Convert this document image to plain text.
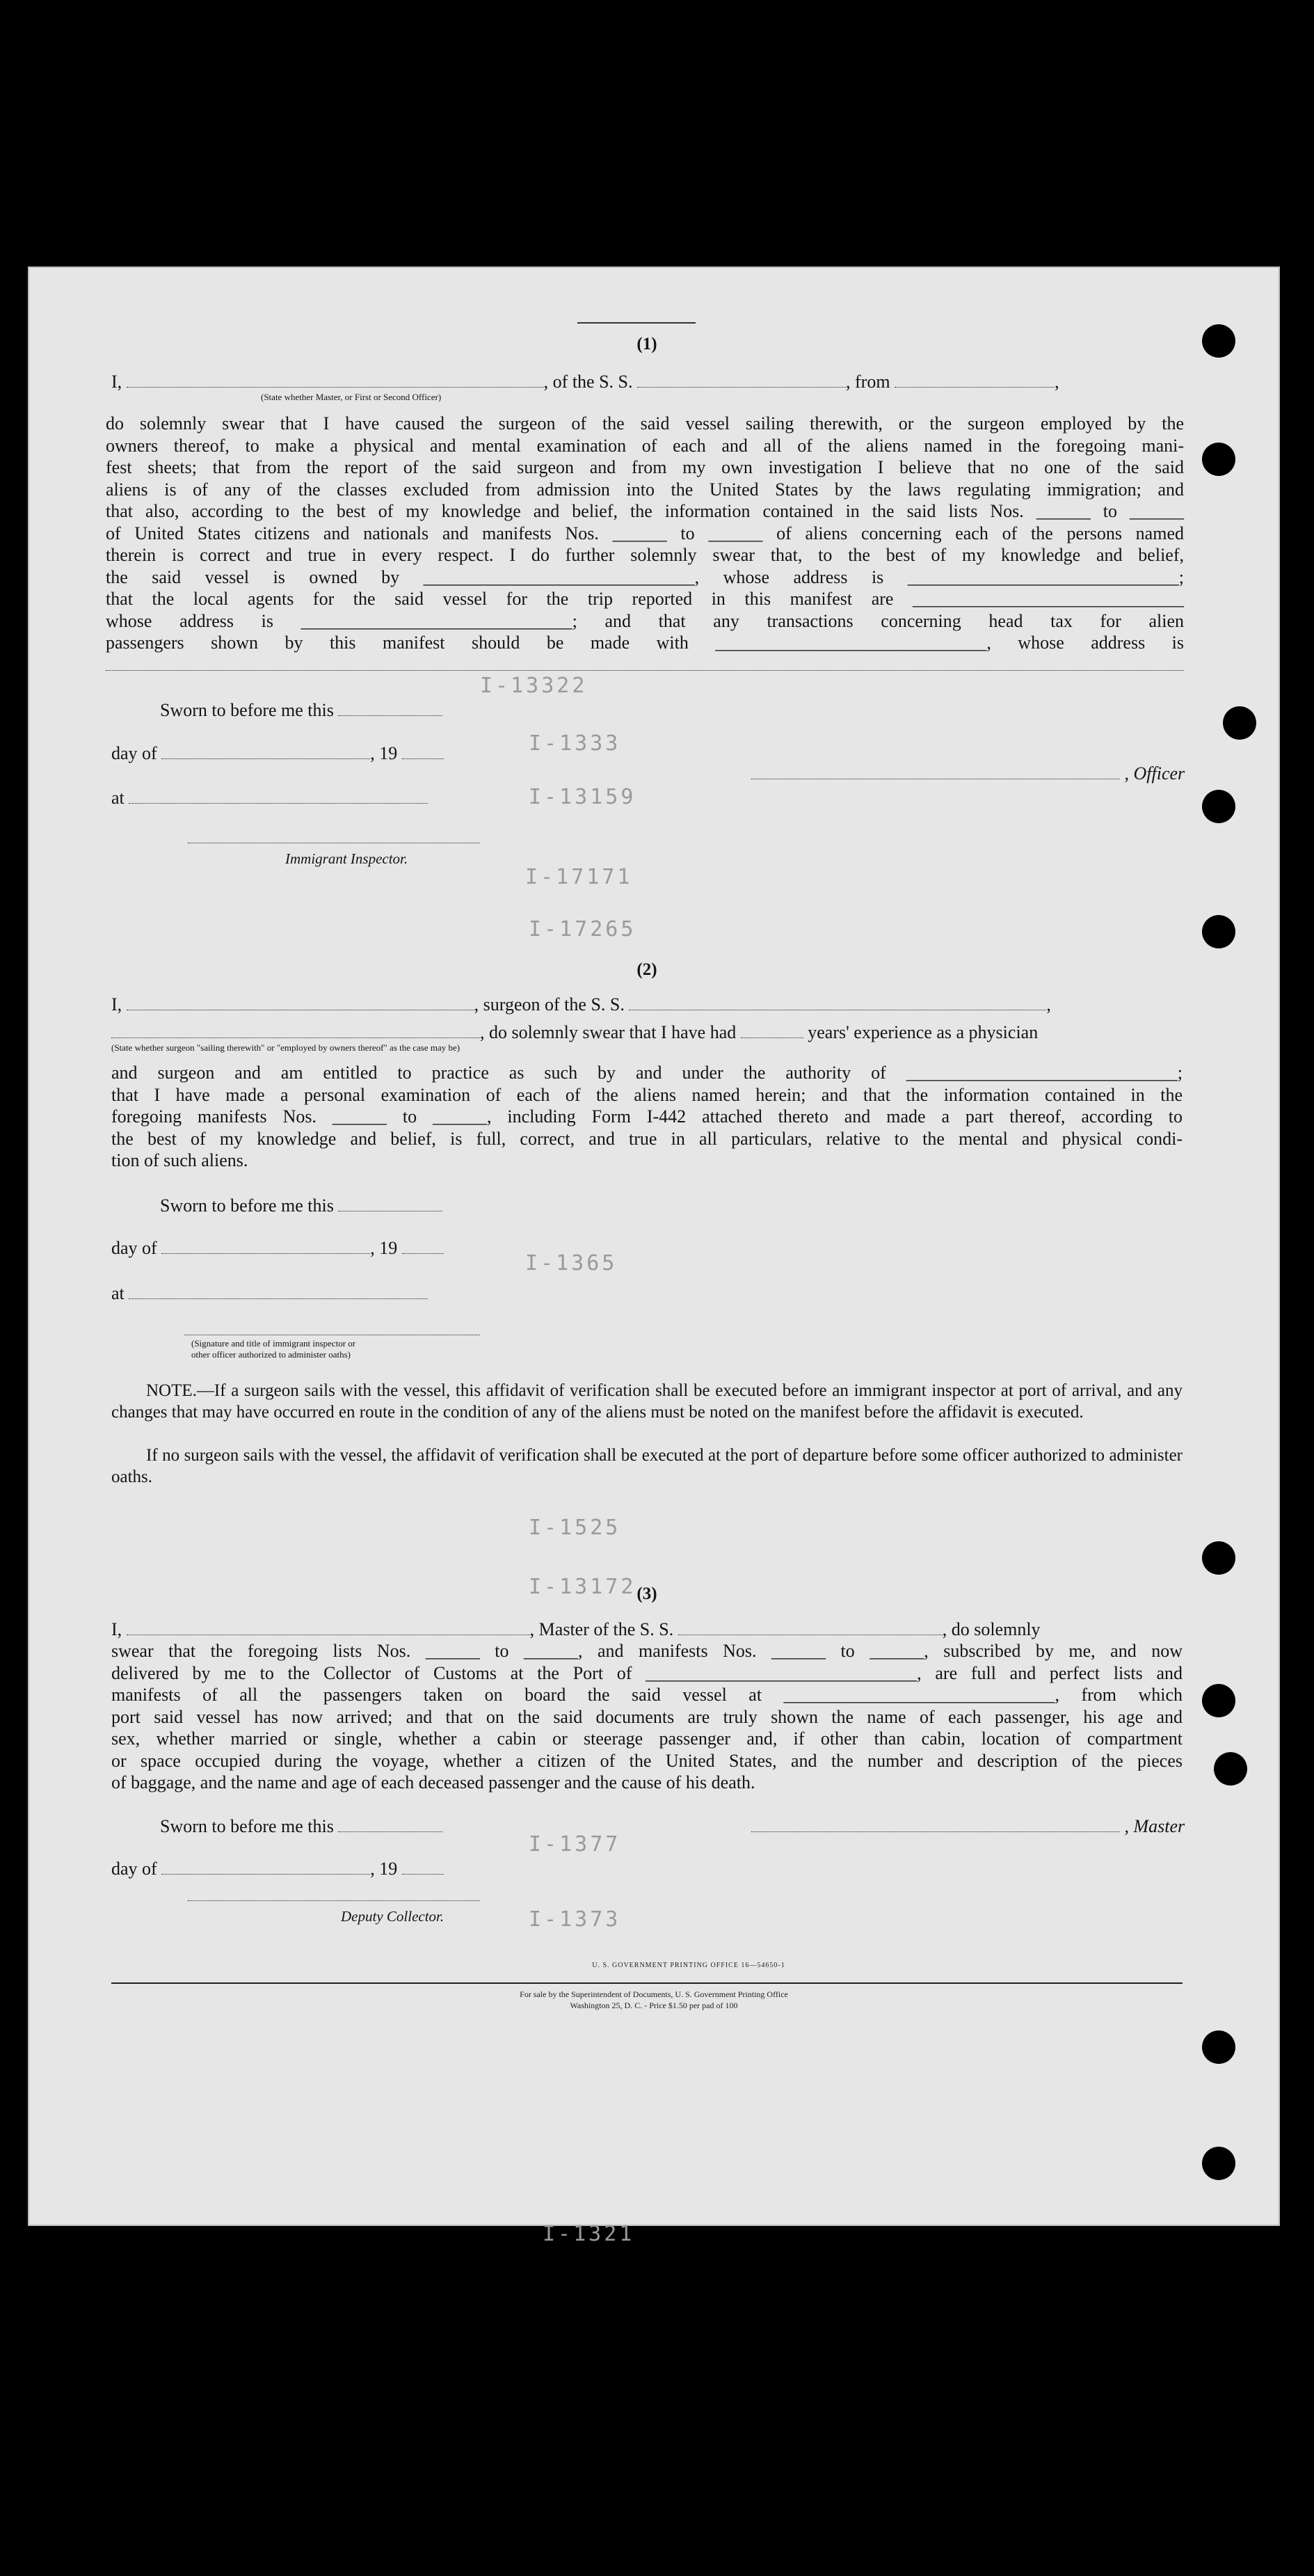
I-13322
I-1333
I-13159
I-17171
I-17265
I-1365
I-1525
I-13172
I-1377
I-1373
I-1321
(1)
I,	, of the S. S.	, from	,
(State whether Master, or First or Second Officer)
do solemnly swear that I have caused the surgeon of the said vessel sailing therewith, or the surgeon employed by the
owners thereof, to make a physical and mental examination of each and all of the aliens named in the foregoing mani-
fest sheets; that from the report of the said surgeon and from my own investigation I believe that no one of the said
aliens is of any of the classes excluded from admission into the United States by the laws regulating immigration; and
that also, according to the best of my knowledge and belief, the information contained in the said lists Nos. ______ to ______
of United States citizens and nationals and manifests Nos. ______ to ______ of aliens concerning each of the persons named
therein is correct and true in every respect. I do further solemnly swear that, to the best of my knowledge and belief,
the said vessel is owned by ______________________________, whose address is ______________________________;
that the local agents for the said vessel for the trip reported in this manifest are ______________________________
whose address is ______________________________; and that any transactions concerning head tax for alien
passengers shown by this manifest should be made with ______________________________, whose address is
Sworn to before me this
day of	, 19
at
, Officer
Immigrant Inspector.
(2)
I,	, surgeon of the S. S.	,
, do solemnly swear that I have had	years' experience as a physician
(State whether surgeon "sailing therewith" or "employed by owners thereof" as the case may be)
and surgeon and am entitled to practice as such by and under the authority of ______________________________;
that I have made a personal examination of each of the aliens named herein; and that the information contained in the
foregoing manifests Nos. ______ to ______, including Form I-442 attached thereto and made a part thereof, according to
the best of my knowledge and belief, is full, correct, and true in all particulars, relative to the mental and physical condi-
tion of such aliens.
Sworn to before me this
day of	, 19
at
(Signature and title of immigrant inspector or
other officer authorized to administer oaths)
NOTE.—If a surgeon sails with the vessel, this affidavit of verification shall be executed before an immigrant inspector at port of arrival, and any changes that may have occurred en route in the condition of any of the aliens must be noted on the manifest before the affidavit is executed.
If no surgeon sails with the vessel, the affidavit of verification shall be executed at the port of departure before some officer authorized to administer oaths.
(3)
I,	, Master of the S. S.	, do solemnly
swear that the foregoing lists Nos. ______ to ______, and manifests Nos. ______ to ______, subscribed by me, and now
delivered by me to the Collector of Customs at the Port of ______________________________, are full and perfect lists and
manifests of all the passengers taken on board the said vessel at ______________________________, from which
port said vessel has now arrived; and that on the said documents are truly shown the name of each passenger, his age and
sex, whether married or single, whether a cabin or steerage passenger and, if other than cabin, location of compartment
or space occupied during the voyage, whether a citizen of the United States, and the number and description of the pieces
of baggage, and the name and age of each deceased passenger and the cause of his death.
Sworn to before me this	, Master
day of	, 19
Deputy Collector.
U. S. GOVERNMENT PRINTING OFFICE 16—54650-1
For sale by the Superintendent of Documents, U. S. Government Printing Office
Washington 25, D. C. - Price $1.50 per pad of 100
